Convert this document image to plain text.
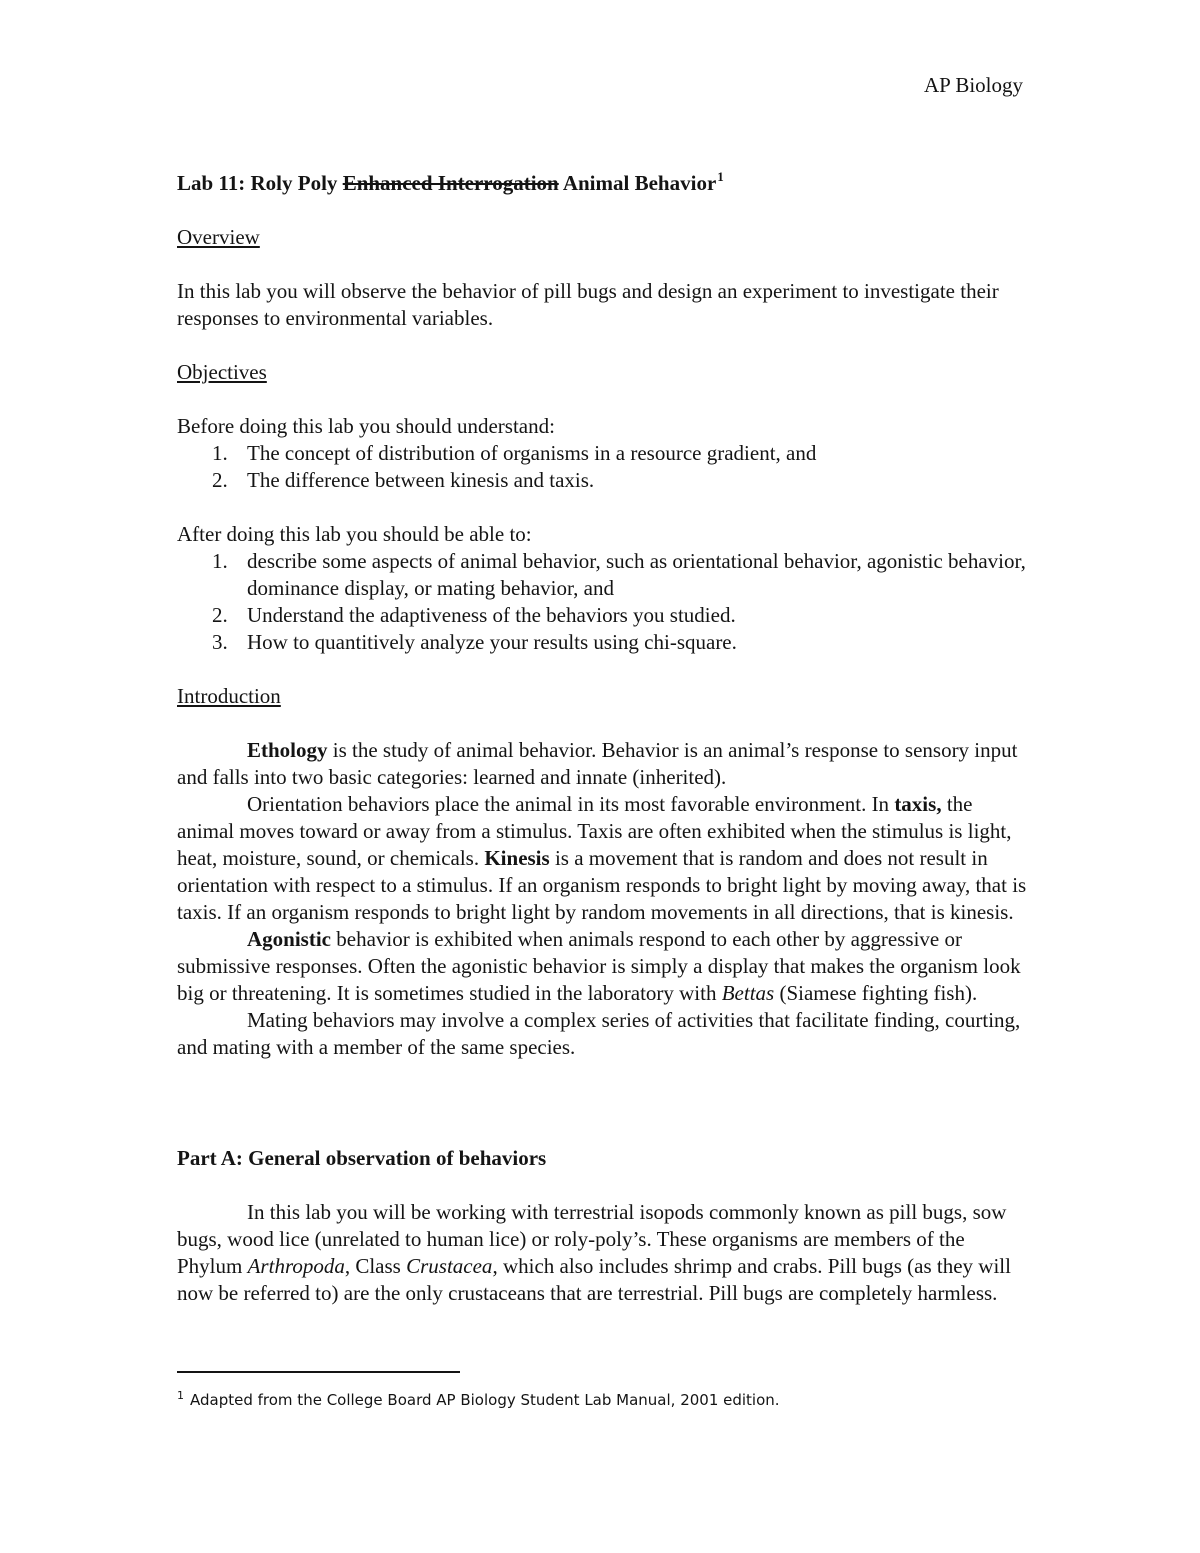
AP Biology
Lab 11: Roly Poly Enhanced Interrogation Animal Behavior$^1$
Overview

In this lab you will observe the behavior of pill bugs and design an experiment to investigate their responses to environmental variables.

Objectives
Before doing this lab you should understand:
1. The concept of distribution of organisms in a resource gradient, and
2. The difference between kinesis and taxis.
After doing this lab you should be able to:
1. describe some aspects of animal behavior, such as orientational behavior, agonistic behavior, dominance display, or mating behavior, and
2. Understand the adaptiveness of the behaviors you studied.
3. How to quantitively analyze your results using chi-square.
Introduction

Ethology is the study of animal behavior. Behavior is an animal’s response to sensory input and falls into two basic categories: learned and innate (inherited).

Orientation behaviors place the animal in its most favorable environment. In taxis, the animal moves toward or away from a stimulus. Taxis are often exhibited when the stimulus is light, heat, moisture, sound, or chemicals. Kinesis is a movement that is random and does not result in orientation with respect to a stimulus. If an organism responds to bright light by moving away, that is taxis. If an organism responds to bright light by random movements in all directions, that is kinesis.

Agonistic behavior is exhibited when animals respond to each other by aggressive or submissive responses. Often the agonistic behavior is simply a display that makes the organism look big or threatening. It is sometimes studied in the laboratory with Bettas (Siamese fighting fish).

Mating behaviors may involve a complex series of activities that facilitate finding, courting, and mating with a member of the same species.

Part A: General observation of behaviors

In this lab you will be working with terrestrial isopods commonly known as pill bugs, sow bugs, wood lice (unrelated to human lice) or roly-poly’s. These organisms are members of the Phylum Arthropoda, Class Crustacea, which also includes shrimp and crabs. Pill bugs (as they will now be referred to) are the only crustaceans that are terrestrial. Pill bugs are completely harmless.

$^1$ Adapted from the College Board AP Biology Student Lab Manual, 2001 edition.
